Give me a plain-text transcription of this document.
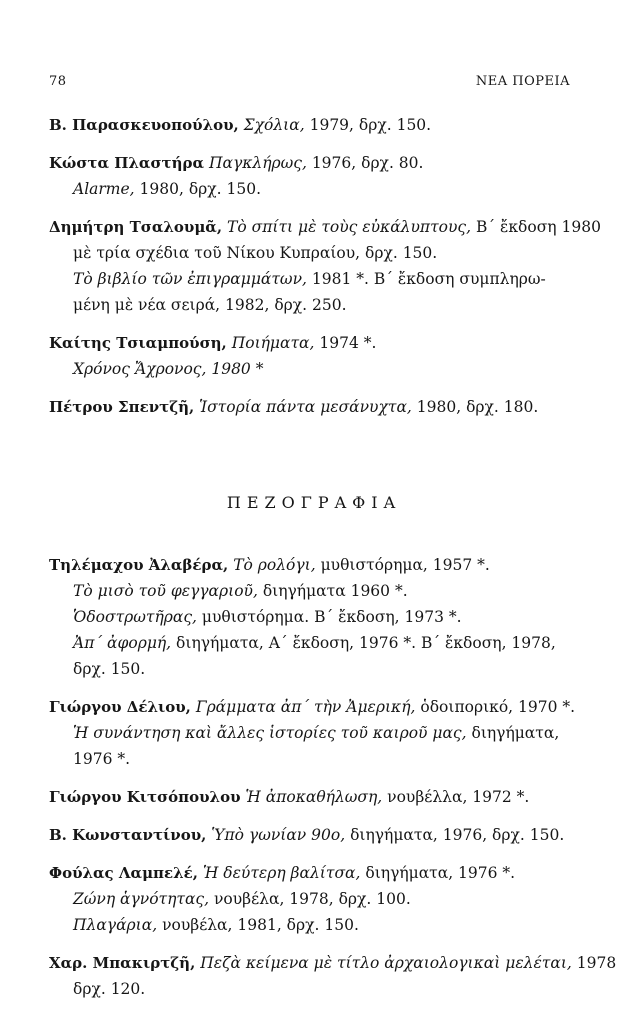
78	ΝΕΑ ΠΟΡΕΙΑ
Β. Παρασκευοπούλου, Σχόλια, 1979, δρχ. 150.
Κώστα Πλαστήρα Παγκλήρως, 1976, δρχ. 80.
Alarme, 1980, δρχ. 150.
Δημήτρη Τσαλουμᾶ, Τὸ σπίτι μὲ τοὺς εὐκάλυπτους, Β΄ ἔκδοση 1980
μὲ τρία σχέδια τοῦ Νίκου Κυπραίου, δρχ. 150.
Τὸ βιβλίο τῶν ἐπιγραμμάτων, 1981 *. Β΄ ἔκδοση συμπληρω-
μένη μὲ νέα σειρά, 1982, δρχ. 250.
Καίτης Τσιαμπούση, Ποιήματα, 1974 *.
Χρόνος Ἄχρονος, 1980 *
Πέτρου Σπεντζῆ, Ἱστορία πάντα μεσάνυχτα, 1980, δρχ. 180.
ΠΕΖΟΓΡΑΦΙΑ
Τηλέμαχου Ἀλαβέρα, Τὸ ρολόγι, μυθιστόρημα, 1957 *.
Τὸ μισὸ τοῦ φεγγαριοῦ, διηγήματα 1960 *.
Ὁδοστρωτῆρας, μυθιστόρημα. Β΄ ἔκδοση, 1973 *.
Ἀπ΄ ἀφορμή, διηγήματα, Α΄ ἔκδοση, 1976 *. Β΄ ἔκδοση, 1978,
δρχ. 150.
Γιώργου Δέλιου, Γράμματα ἀπ΄ τὴν Ἀμερική, ὁδοιπορικό, 1970 *.
Ἡ συνάντηση καὶ ἄλλες ἱστορίες τοῦ καιροῦ μας, διηγήματα,
1976 *.
Γιώργου Κιτσόπουλου Ἡ ἀποκαθήλωση, νουβέλλα, 1972 *.
Β. Κωνσταντίνου, Ὑπὸ γωνίαν 90ο, διηγήματα, 1976, δρχ. 150.
Φούλας Λαμπελέ, Ἡ δεύτερη βαλίτσα, διηγήματα, 1976 *.
Ζώνη ἁγνότητας, νουβέλα, 1978, δρχ. 100.
Πλαγάρια, νουβέλα, 1981, δρχ. 150.
Χαρ. Μπακιρτζῆ, Πεζὰ κείμενα μὲ τίτλο ἀρχαιολογικαὶ μελέται, 1978
δρχ. 120.
